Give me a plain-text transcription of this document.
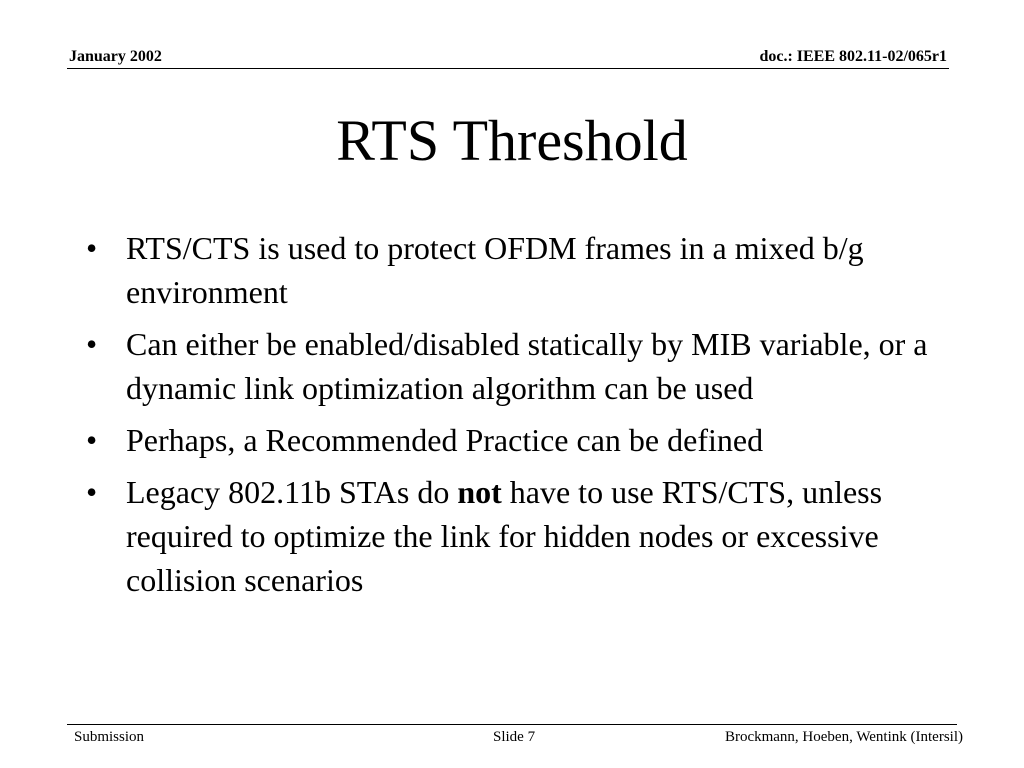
January 2002	doc.: IEEE 802.11-02/065r1
RTS Threshold
• RTS/CTS is used to protect OFDM frames in a mixed b/g environment
• Can either be enabled/disabled statically by MIB variable, or a dynamic link optimization algorithm can be used
• Perhaps, a Recommended Practice can be defined
• Legacy 802.11b STAs do not have to use RTS/CTS, unless required to optimize the link for hidden nodes or excessive collision scenarios
Submission	Slide 7	Brockmann, Hoeben, Wentink (Intersil)
